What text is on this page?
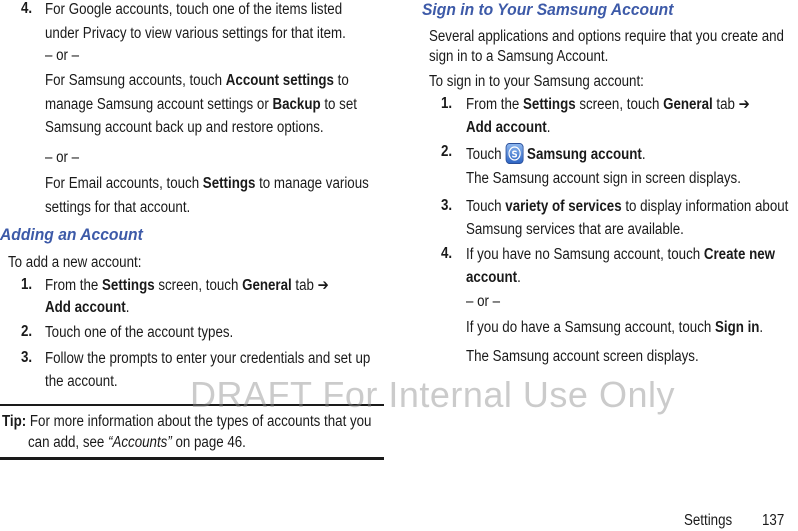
4. For Google accounts, touch one of the items listed
under Privacy to view various settings for that item.
– or –
For Samsung accounts, touch Account settings to
manage Samsung account settings or Backup to set
Samsung account back up and restore options.
– or –
For Email accounts, touch Settings to manage various
settings for that account.
Adding an Account
To add a new account:
1. From the Settings screen, touch General tab ➔
Add account.
2. Touch one of the account types.
3. Follow the prompts to enter your credentials and set up
the account.
Tip: For more information about the types of accounts that you
can add, see “Accounts” on page 46.
Sign in to Your Samsung Account
Several applications and options require that you create and
sign in to a Samsung Account.
To sign in to your Samsung account:
1. From the Settings screen, touch General tab ➔
Add account.
2. Touch S Samsung account.
The Samsung account sign in screen displays.
3. Touch variety of services to display information about
Samsung services that are available.
4. If you have no Samsung account, touch Create new
account.
– or –
If you do have a Samsung account, touch Sign in.
The Samsung account screen displays.
DRAFT For Internal Use Only
Settings 137
